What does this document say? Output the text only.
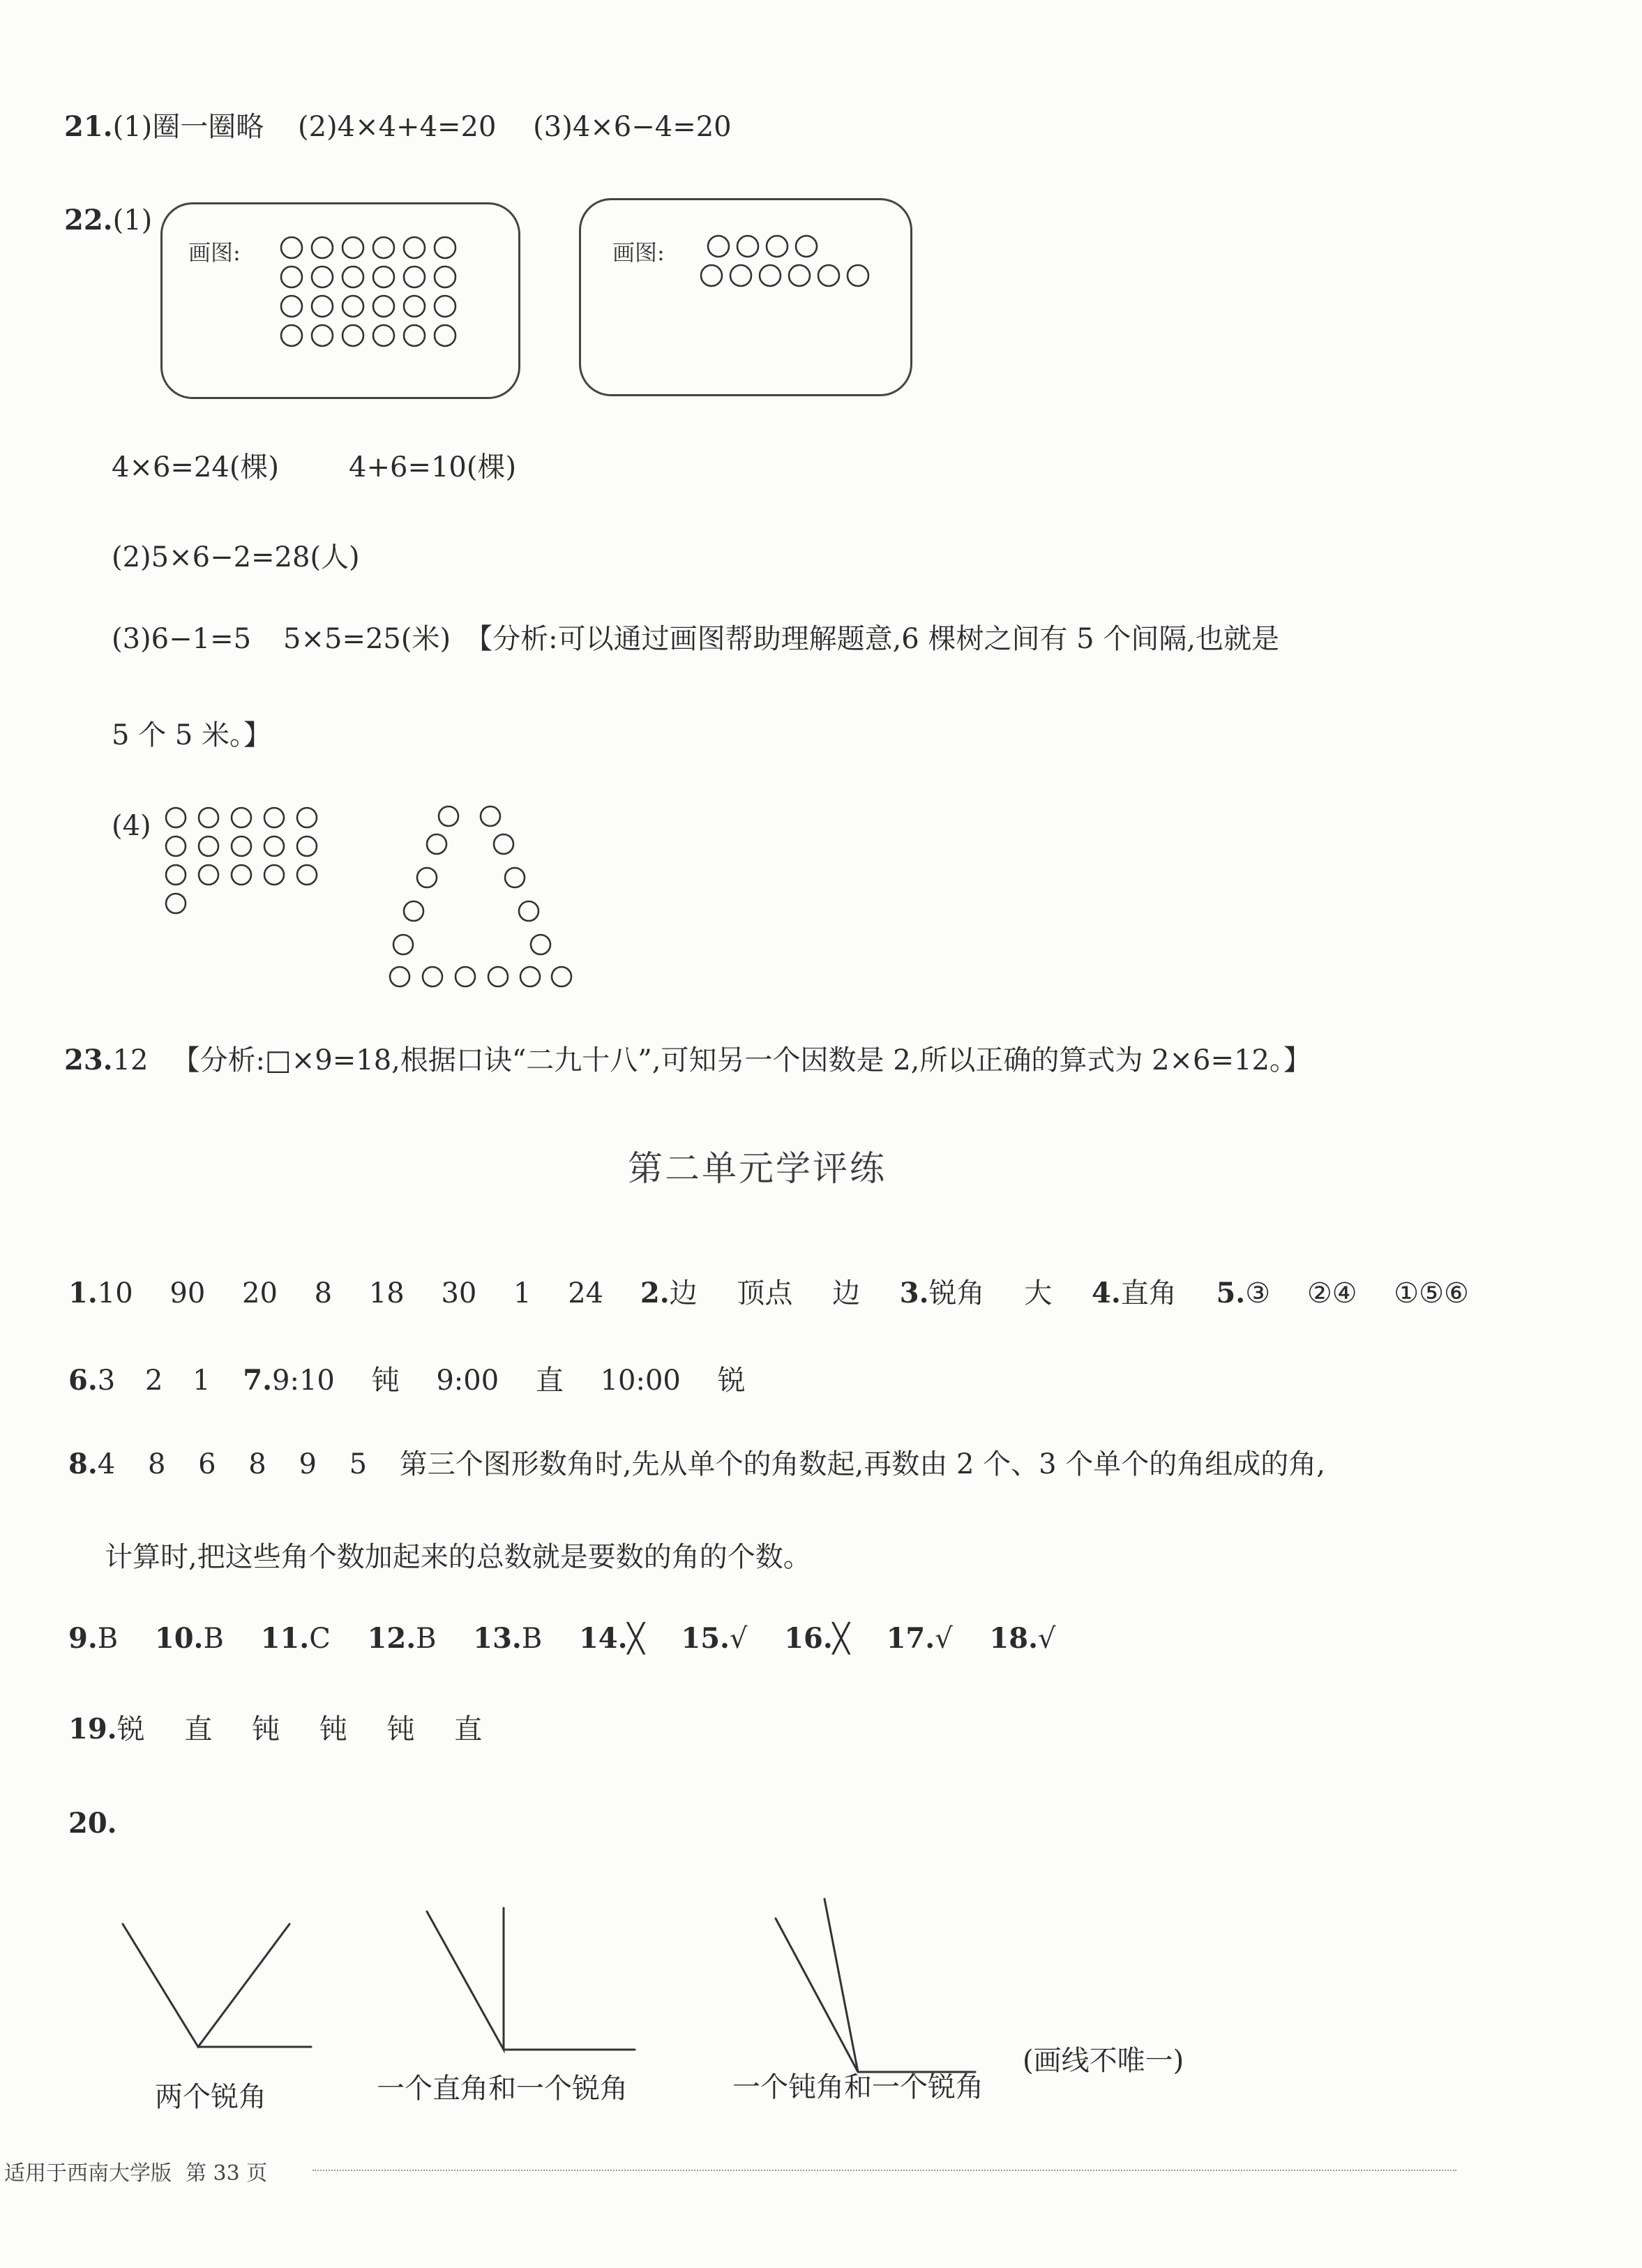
21.(1)圈一圈略 (2)4×4+4=20 (3)4×6−4=20
22.(1)
画图:	画图:
4×6=24(棵)	4+6=10(棵)
(2)5×6−2=28(人)
(3)6−1=5 5×5=25(米) 【分析:可以通过画图帮助理解题意,6 棵树之间有 5 个间隔,也就是
5 个 5 米。】
(4)
23.12 【分析:□×9=18,根据口诀“二九十八”,可知另一个因数是 2,所以正确的算式为 2×6=12。】
第二单元学评练
1.10 90 20 8 18 30 1 24 2.边 顶点 边 3.锐角 大 4.直角 5.③ ②④ ①⑤⑥
6.3 2 1 7.9:10 钝 9:00 直 10:00 锐
8.4 8 6 8 9 5 第三个图形数角时,先从单个的角数起,再数由 2 个、3 个单个的角组成的角,
计算时,把这些角个数加起来的总数就是要数的角的个数。
9.B 10.B 11.C 12.B 13.B 14.╳ 15.√ 16.╳ 17.√ 18.√
19.锐 直 钝 钝 钝 直
20.
两个锐角	一个直角和一个锐角	一个钝角和一个锐角
(画线不唯一)
适用于西南大学版 第 33 页
